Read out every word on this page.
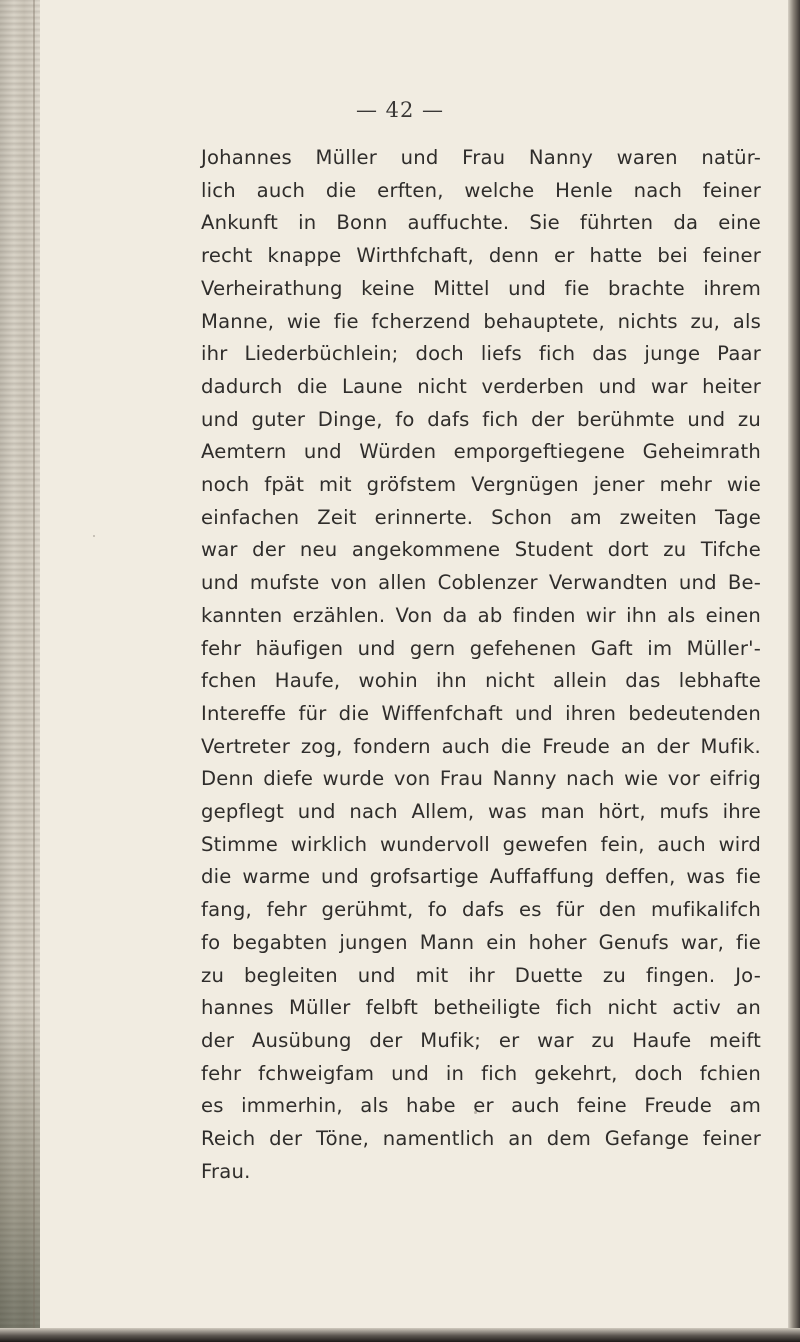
— 42 —
Johannes Müller und Frau Nanny waren natür-
lich auch die erften, welche Henle nach feiner
Ankunft in Bonn auffuchte. Sie führten da eine
recht knappe Wirthfchaft, denn er hatte bei feiner
Verheirathung keine Mittel und fie brachte ihrem
Manne, wie fie fcherzend behauptete, nichts zu, als
ihr Liederbüchlein; doch liefs fich das junge Paar
dadurch die Laune nicht verderben und war heiter
und guter Dinge, fo dafs fich der berühmte und zu
Aemtern und Würden emporgeftiegene Geheimrath
noch fpät mit gröfstem Vergnügen jener mehr wie
einfachen Zeit erinnerte. Schon am zweiten Tage
war der neu angekommene Student dort zu Tifche
und mufste von allen Coblenzer Verwandten und Be-
kannten erzählen. Von da ab finden wir ihn als einen
fehr häufigen und gern gefehenen Gaft im Müller'-
fchen Haufe, wohin ihn nicht allein das lebhafte
Intereffe für die Wiffenfchaft und ihren bedeutenden
Vertreter zog, fondern auch die Freude an der Mufik.
Denn diefe wurde von Frau Nanny nach wie vor eifrig
gepflegt und nach Allem, was man hört, mufs ihre
Stimme wirklich wundervoll gewefen fein, auch wird
die warme und grofsartige Auffaffung deffen, was fie
fang, fehr gerühmt, fo dafs es für den mufikalifch
fo begabten jungen Mann ein hoher Genufs war, fie
zu begleiten und mit ihr Duette zu fingen. Jo-
hannes Müller felbft betheiligte fich nicht activ an
der Ausübung der Mufik; er war zu Haufe meift
fehr fchweigfam und in fich gekehrt, doch fchien
es immerhin, als habe er auch feine Freude am
Reich der Töne, namentlich an dem Gefange feiner
Frau.
